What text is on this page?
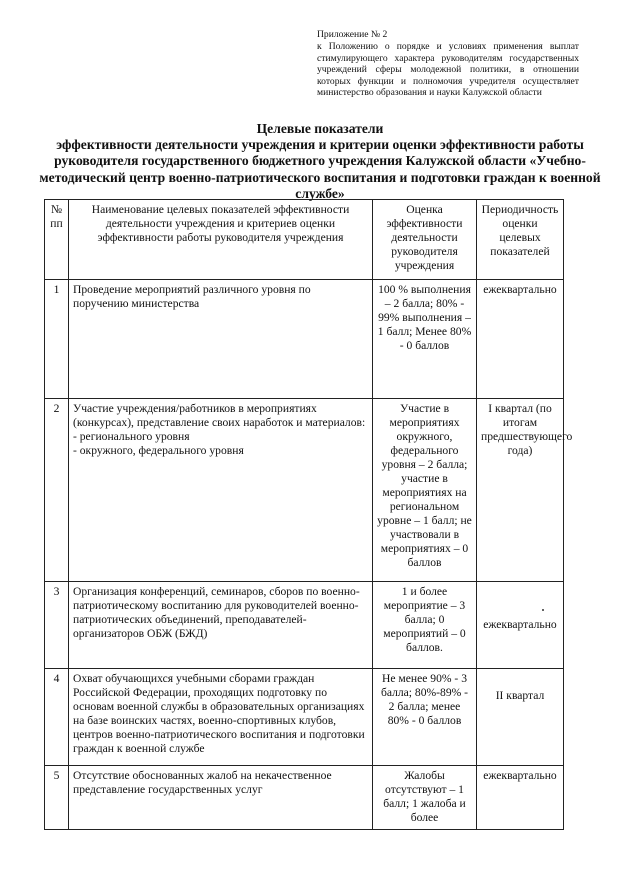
Приложение № 2
к Положению о порядке и условиях применения выплат стимулирующего характера руководителям государственных учреждений сферы молодежной политики, в отношении которых функции и полномочия учредителя осуществляет министерство образования и науки Калужской области
Целевые показатели
эффективности деятельности учреждения и критерии оценки эффективности работы руководителя государственного бюджетного учреждения Калужской области «Учебно-методический центр военно-патриотического воспитания и подготовки граждан к военной службе»
№ пп	Наименование целевых показателей эффективности деятельности учреждения и критериев оценки эффективности работы руководителя учреждения	Оценка эффективности деятельности руководителя учреждения	Периодичность оценки целевых показателей
1	Проведение мероприятий различного уровня по поручению министерства	100 % выполнения – 2 балла; 80% - 99% выполнения – 1 балл; Менее 80% - 0 баллов	ежеквартально
2	Участие учреждения/работников в мероприятиях (конкурсах), представление своих наработок и материалов:
- регионального уровня
- окружного, федерального уровня	Участие в мероприятиях окружного, федерального уровня – 2 балла; участие в мероприятиях на региональном уровне – 1 балл; не участвовали в мероприятиях – 0 баллов	I квартал (по итогам предшествующего года)
3	Организация конференций, семинаров, сборов по военно-патриотическому воспитанию для руководителей военно-патриотических объединений, преподавателей-организаторов ОБЖ (БЖД)	1 и более мероприятие – 3 балла; 0 мероприятий – 0 баллов.	ежеквартально
4	Охват обучающихся учебными сборами граждан Российской Федерации, проходящих подготовку по основам военной службы в образовательных организациях на базе воинских частях, военно-спортивных клубов, центров военно-патриотического воспитания и подготовки граждан к военной службе	Не менее 90% - 3 балла; 80%-89% - 2 балла; менее 80% - 0 баллов	II квартал
5	Отсутствие обоснованных жалоб на некачественное представление государственных услуг	Жалобы отсутствуют – 1 балл; 1 жалоба и более	ежеквартально
